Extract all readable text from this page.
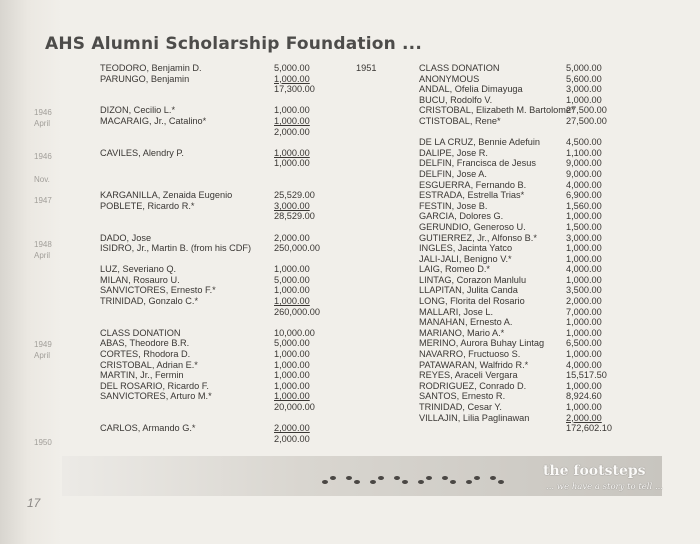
AHS Alumni Scholarship Foundation ...
1946
April
1946
Nov.
1947
1948
April
1949
April
1950
TEODORO, Benjamin D.
PARUNGO, Benjamin
DIZON, Cecilio L.*
MACARAIG, Jr., Catalino*
CAVILES, Alendry P.
KARGANILLA, Zenaida Eugenio
POBLETE, Ricardo R.*
DADO, Jose
ISIDRO, Jr., Martin B. (from his CDF)
LUZ, Severiano Q.
MILAN, Rosauro U.
SANVICTORES, Ernesto F.*
TRINIDAD, Gonzalo C.*
CLASS DONATION
ABAS, Theodore B.R.
CORTES, Rhodora D.
CRISTOBAL, Adrian E.*
MARTIN, Jr., Fermin
DEL ROSARIO, Ricardo F.
SANVICTORES, Arturo M.*
CARLOS, Armando G.*
5,000.00
1,000.00
17,300.00
1,000.00
1,000.00
2,000.00
1,000.00
1,000.00
25,529.00
3,000.00
28,529.00
2,000.00
250,000.00
1,000.00
5,000.00
1,000.00
1,000.00
260,000.00
10,000.00
5,000.00
1,000.00
1,000.00
1,000.00
1,000.00
1,000.00
20,000.00
2,000.00
2,000.00
1951	CLASS DONATION
ANONYMOUS
ANDAL, Ofelia Dimayuga
BUCU, Rodolfo V.
CRISTOBAL, Elizabeth M. Bartolome*
CTISTOBAL, Rene*
DE LA CRUZ, Bennie Adefuin
DALIPE, Jose R.
DELFIN, Francisca de Jesus
DELFIN, Jose A.
ESGUERRA, Fernando B.
ESTRADA, Estrella Trias*
FESTIN, Jose B.
GARCIA, Dolores G.
GERUNDIO, Generoso U.
GUTIERREZ, Jr., Alfonso B.*
INGLES, Jacinta Yatco
JALI-JALI, Benigno V.*
LAIG, Romeo D.*
LINTAG, Corazon Manlulu
LLAPITAN, Julita Canda
LONG, Florita del Rosario
MALLARI, Jose L.
MANAHAN, Ernesto A.
MARIANO, Mario A.*
MERINO, Aurora Buhay Lintag
NAVARRO, Fructuoso S.
PATAWARAN, Walfrido R.*
REYES, Araceli Vergara
RODRIGUEZ, Conrado D.
SANTOS, Ernesto R.
TRINIDAD, Cesar Y.
VILLAJIN, Lilia Paglinawan
5,000.00
5,600.00
3,000.00
1,000.00
27,500.00
27,500.00
4,500.00
1,100.00
9,000.00
9,000.00
4,000.00
6,900.00
1,560.00
1,000.00
1,500.00
3,000.00
1,000.00
1,000.00
4,000.00
1,000.00
3,500.00
2,000.00
7,000.00
1,000.00
1,000.00
6,500.00
1,000.00
4,000.00
15,517.50
1,000.00
8,924.60
1,000.00
2,000.00
172,602.10
the footsteps
... we have a story to tell ...
17
